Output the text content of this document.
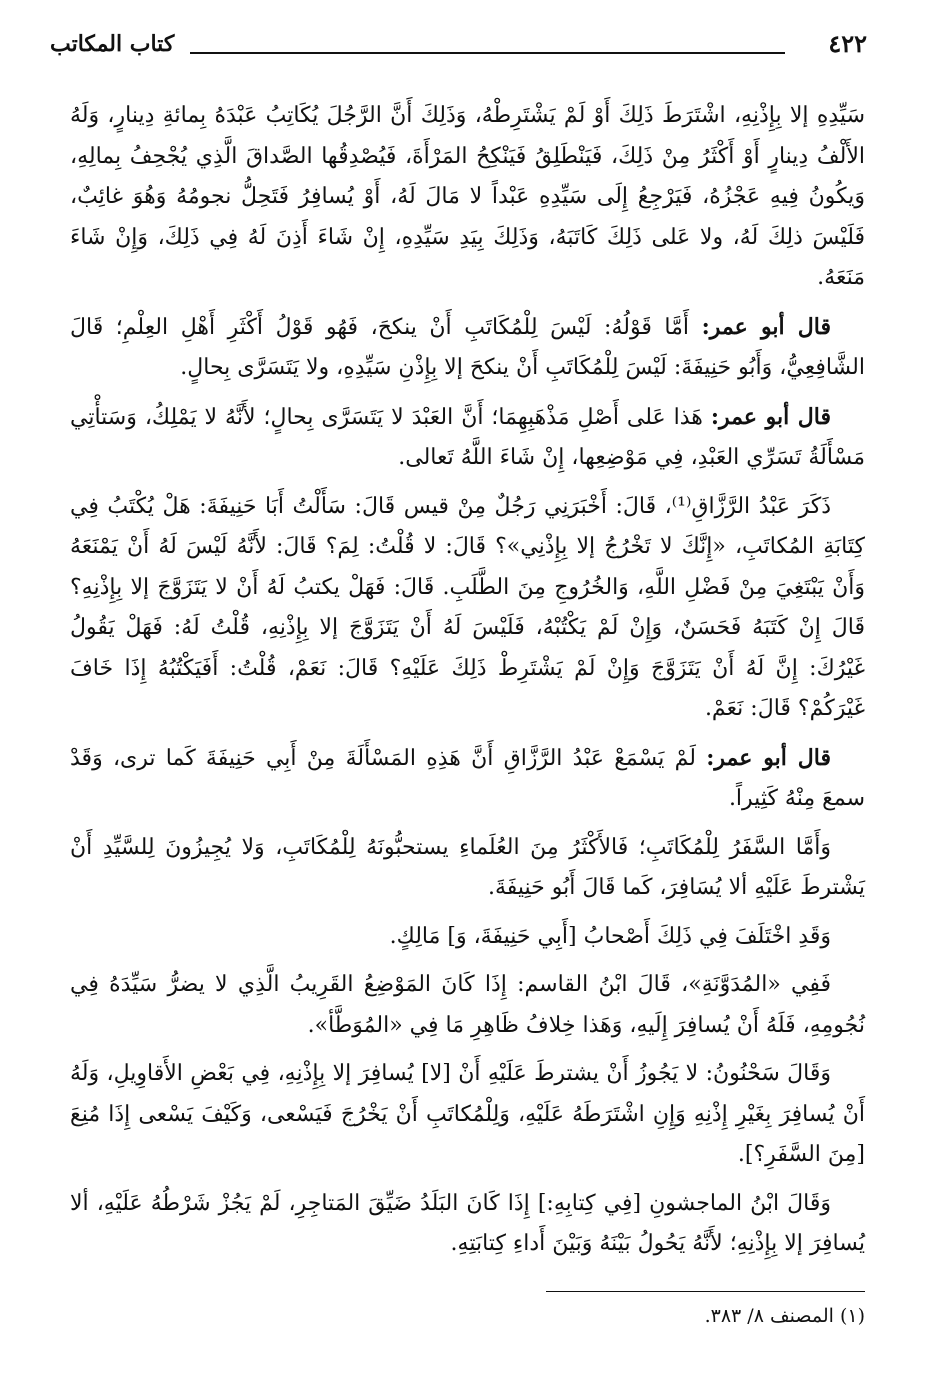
٤٢٢
كتاب المكاتب

سَيِّدِهِ إلا بِإِذْنِهِ، اشْتَرَطَ ذَلِكَ أَوْ لَمْ يَشْتَرِطْهُ، وَذَلِكَ أَنَّ الرَّجُلَ يُكَاتِبُ عَبْدَهُ بِمائةِ دِينارٍ، وَلَهُ الأَلْفُ دِينارٍ أَوْ أَكْثَرُ مِنْ ذَلِكَ، فَيَنْطَلِقُ فَيَنْكِحُ المَرْأَةَ، فَيُصْدِقُها الصَّداقَ الَّذِي يُجْحِفُ بِمالِهِ، وَيكُونُ فِيهِ عَجْزُهُ، فَيَرْجِعُ إِلَى سَيِّدِهِ عَبْداً لا مَالَ لَهُ، أَوْ يُسافِرُ فَتَحِلُّ نجومُهُ وَهُوَ غائِبٌ، فَلَيْسَ ذلِكَ لَهُ، ولا عَلى ذَلِكَ كَاتَبَهُ، وَذَلِكَ بِيَدِ سَيِّدِهِ، إِنْ شَاءَ أَذِنَ لَهُ فِي ذَلِكَ، وَإِنْ شَاءَ مَنَعَهُ.

قال أبو عمر: أَمَّا قَوْلُهُ: لَيْسَ لِلْمُكَاتَبِ أَنْ ينكحَ، فَهُو قَوْلُ أَكْثَرِ أَهْلِ العِلْمِ؛ قَالَ الشَّافِعِيُّ، وَأَبُو حَنِيفَةَ: لَيْسَ لِلْمُكَاتَبِ أَنْ ينكحَ إلا بِإِذْنِ سَيِّدِهِ، ولا يَتَسَرَّى بِحالٍ.

قال أبو عمر: هَذا عَلى أَصْلِ مَذْهَبِهِمَا؛ أَنَّ العَبْدَ لا يَتَسَرَّى بِحالٍ؛ لأَنَّهُ لا يَمْلِكُ، وَسَتأْتِي مَسْأَلَةُ تَسَرِّي العَبْدِ، فِي مَوْضِعِها، إِنْ شَاءَ اللَّهُ تَعالى.

ذَكَرَ عَبْدُ الرَّزَّاقِ⁽¹⁾، قَالَ: أَخْبَرَنِي رَجُلٌ مِنْ قيس قَالَ: سَأَلْتُ أَبَا حَنِيفَةَ: هَلْ يُكْتَبُ فِي كِتَابَةِ المُكاتَبِ، «إِنَّكَ لا تَخْرُجُ إلا بِإِذْنِي»؟ قَالَ: لا قُلْتُ: لِمَ؟ قَالَ: لأَنَّهُ لَيْسَ لَهُ أَنْ يَمْنَعَهُ وَأَنْ يَبْتَغِيَ مِنْ فَضْلِ اللَّهِ، وَالخُرُوجِ مِنَ الطَّلَبِ. قَالَ: فَهَلْ يكتبُ لَهُ أَنْ لا يَتَزَوَّجَ إلا بِإِذْنِهِ؟ قَالَ إِنْ كَتَبَهُ فَحَسَنٌ، وَإِنْ لَمْ يَكْتُبْهُ، فَلَيْسَ لَهُ أَنْ يَتَزَوَّجَ إلا بِإِذْنِهِ، قُلْتُ لَهُ: فَهَلْ يَقُولُ غَيْرُكَ: إِنَّ لَهُ أَنْ يَتَزَوَّجَ وَإِنْ لَمْ يَشْتَرِطْ ذَلِكَ عَلَيْهِ؟ قَالَ: نَعَمْ، قُلْتُ: أَفَيَكْتُبُهُ إِذَا خَافَ غَيْرَكُمْ؟ قَالَ: نَعَمْ.

قال أبو عمر: لَمْ يَسْمَعْ عَبْدُ الرَّزَّاقِ أَنَّ هَذِهِ المَسْأَلَةَ مِنْ أَبِي حَنِيفَةَ كَما ترى، وَقَدْ سمعَ مِنْهُ كَثِيراً.

وَأَمَّا السَّفَرُ لِلْمُكَاتَبِ؛ فَالأَكْثَرُ مِنَ العُلَماءِ يستحبُّونَهُ لِلْمُكَاتَبِ، وَلا يُجِيزُونَ لِلسَّيِّدِ أَنْ يَشْترطَ عَلَيْهِ ألا يُسَافِرَ، كَما قَالَ أَبُو حَنِيفَةَ.

وَقَدِ اخْتَلَفَ فِي ذَلِكَ أَصْحابُ [أَبِي حَنِيفَةَ، وَ] مَالِكٍ.

فَفِي «المُدَوَّنَةِ»، قَالَ ابْنُ القاسم: إِذَا كَانَ المَوْضِعُ القَرِيبُ الَّذِي لا يضرُّ سَيِّدَهُ فِي نُجُومِهِ، فَلَهُ أَنْ يُسافِرَ إِلَيهِ، وَهَذا خِلافُ ظَاهِرِ مَا فِي «المُوَطَّأ».

وَقَالَ سَحْنُونُ: لا يَجُوزُ أَنْ يشترطَ عَلَيْهِ أَنْ [لا] يُسافِرَ إلا بِإِذْنِهِ، فِي بَعْضِ الأَقاوِيلِ، وَلَهُ أَنْ يُسافِرَ بِغَيْرِ إِذْنِهِ وَإِنِ اشْتَرَطَهُ عَلَيْهِ، وَلِلْمُكاتَبِ أَنْ يَخْرُجَ فَيَسْعى، وَكَيْفَ يَسْعى إِذَا مُنِعَ [مِنَ السَّفَرِ؟].

وَقَالَ ابْنُ الماجشونِ [فِي كِتابِهِ:] إِذَا كَانَ البَلَدُ ضَيِّقَ المَتاجِرِ، لَمْ يَجُزْ شَرْطُهُ عَلَيْهِ، ألا يُسافِرَ إلا بِإِذْنِهِ؛ لأَنَّهُ يَحُولُ بَيْنَهُ وَبَيْنَ أَداءِ كِتابَتِهِ.

(١) المصنف ٨/ ٣٨٣.
